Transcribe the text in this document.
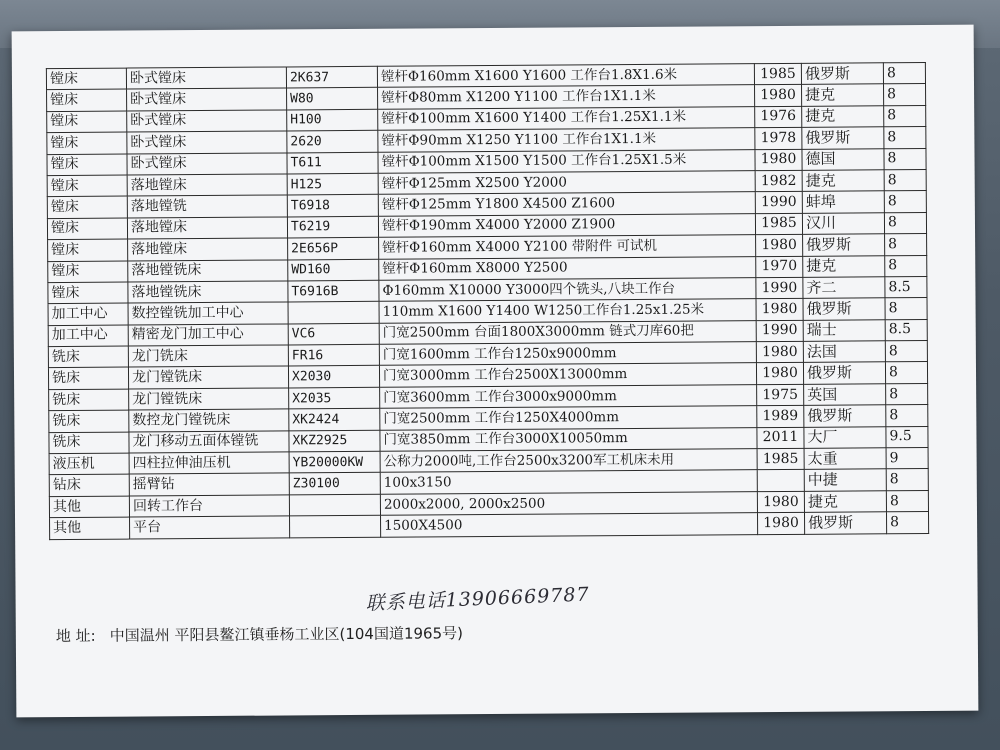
镗床	卧式镗床	2K637	镗杆Φ160mm X1600 Y1600 工作台1.8X1.6米	1985	俄罗斯	8
镗床	卧式镗床	W80	镗杆Φ80mm X1200 Y1100 工作台1X1.1米	1980	捷克	8
镗床	卧式镗床	H100	镗杆Φ100mm X1600 Y1400 工作台1.25X1.1米	1976	捷克	8
镗床	卧式镗床	2620	镗杆Φ90mm X1250 Y1100 工作台1X1.1米	1978	俄罗斯	8
镗床	卧式镗床	T611	镗杆Φ100mm X1500 Y1500 工作台1.25X1.5米	1980	德国	8
镗床	落地镗床	H125	镗杆Φ125mm X2500 Y2000	1982	捷克	8
镗床	落地镗铣	T6918	镗杆Φ125mm Y1800 X4500 Z1600	1990	蚌埠	8
镗床	落地镗床	T6219	镗杆Φ190mm X4000 Y2000 Z1900	1985	汉川	8
镗床	落地镗床	2E656P	镗杆Φ160mm X4000 Y2100 带附件 可试机	1980	俄罗斯	8
镗床	落地镗铣床	WD160	镗杆Φ160mm X8000 Y2500	1970	捷克	8
镗床	落地镗铣床	T6916B	Φ160mm X10000 Y3000四个铣头,八块工作台	1990	齐二	8.5
加工中心	数控镗铣加工中心		110mm X1600 Y1400 W1250工作台1.25x1.25米	1980	俄罗斯	8
加工中心	精密龙门加工中心	VC6	门宽2500mm 台面1800X3000mm 链式刀库60把	1990	瑞士	8.5
铣床	龙门铣床	FR16	门宽1600mm 工作台1250x9000mm	1980	法国	8
铣床	龙门镗铣床	X2030	门宽3000mm 工作台2500X13000mm	1980	俄罗斯	8
铣床	龙门镗铣床	X2035	门宽3600mm 工作台3000x9000mm	1975	英国	8
铣床	数控龙门镗铣床	XK2424	门宽2500mm 工作台1250X4000mm	1989	俄罗斯	8
铣床	龙门移动五面体镗铣	XKZ2925	门宽3850mm 工作台3000X10050mm	2011	大厂	9.5
液压机	四柱拉伸油压机	YB20000KW	公称力2000吨,工作台2500x3200军工机床未用	1985	太重	9
钻床	摇臂钻	Z30100	100x3150		中捷	8
其他	回转工作台		2000x2000, 2000x2500	1980	捷克	8
其他	平台		1500X4500	1980	俄罗斯	8
联系电话13906669787
地 址: 中国温州 平阳县鳌江镇垂杨工业区(104国道1965号)
